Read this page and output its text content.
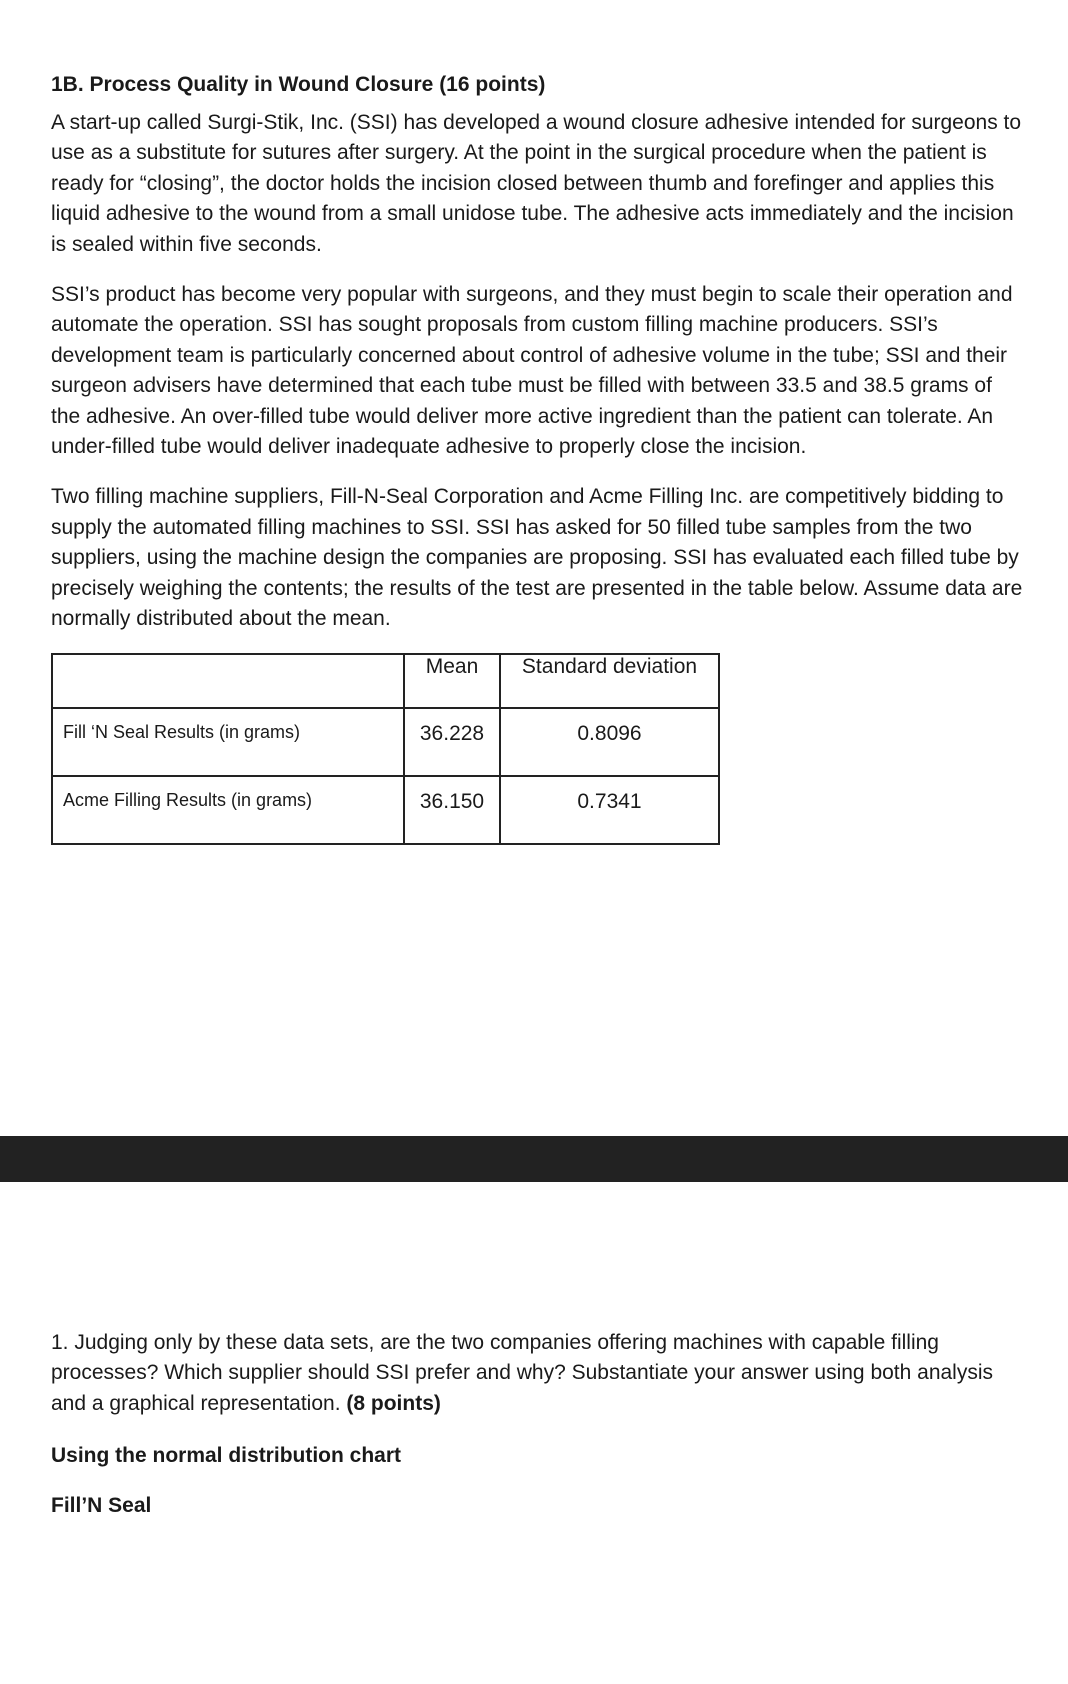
1B. Process Quality in Wound Closure (16 points)

A start-up called Surgi-Stik, Inc. (SSI) has developed a wound closure adhesive intended for surgeons to use as a substitute for sutures after surgery. At the point in the surgical procedure when the patient is ready for “closing”, the doctor holds the incision closed between thumb and forefinger and applies this liquid adhesive to the wound from a small unidose tube. The adhesive acts immediately and the incision is sealed within five seconds.

SSI’s product has become very popular with surgeons, and they must begin to scale their operation and automate the operation. SSI has sought proposals from custom filling machine producers. SSI’s development team is particularly concerned about control of adhesive volume in the tube; SSI and their surgeon advisers have determined that each tube must be filled with between 33.5 and 38.5 grams of the adhesive. An over-filled tube would deliver more active ingredient than the patient can tolerate. An under-filled tube would deliver inadequate adhesive to properly close the incision.

Two filling machine suppliers, Fill-N-Seal Corporation and Acme Filling Inc. are competitively bidding to supply the automated filling machines to SSI. SSI has asked for 50 filled tube samples from the two suppliers, using the machine design the companies are proposing. SSI has evaluated each filled tube by precisely weighing the contents; the results of the test are presented in the table below. Assume data are normally distributed about the mean.

	Mean	Standard deviation
Fill ‘N Seal Results (in grams)	36.228	0.8096
Acme Filling Results (in grams)	36.150	0.7341

1. Judging only by these data sets, are the two companies offering machines with capable filling processes? Which supplier should SSI prefer and why? Substantiate your answer using both analysis and a graphical representation. (8 points)

Using the normal distribution chart
Fill’N Seal
